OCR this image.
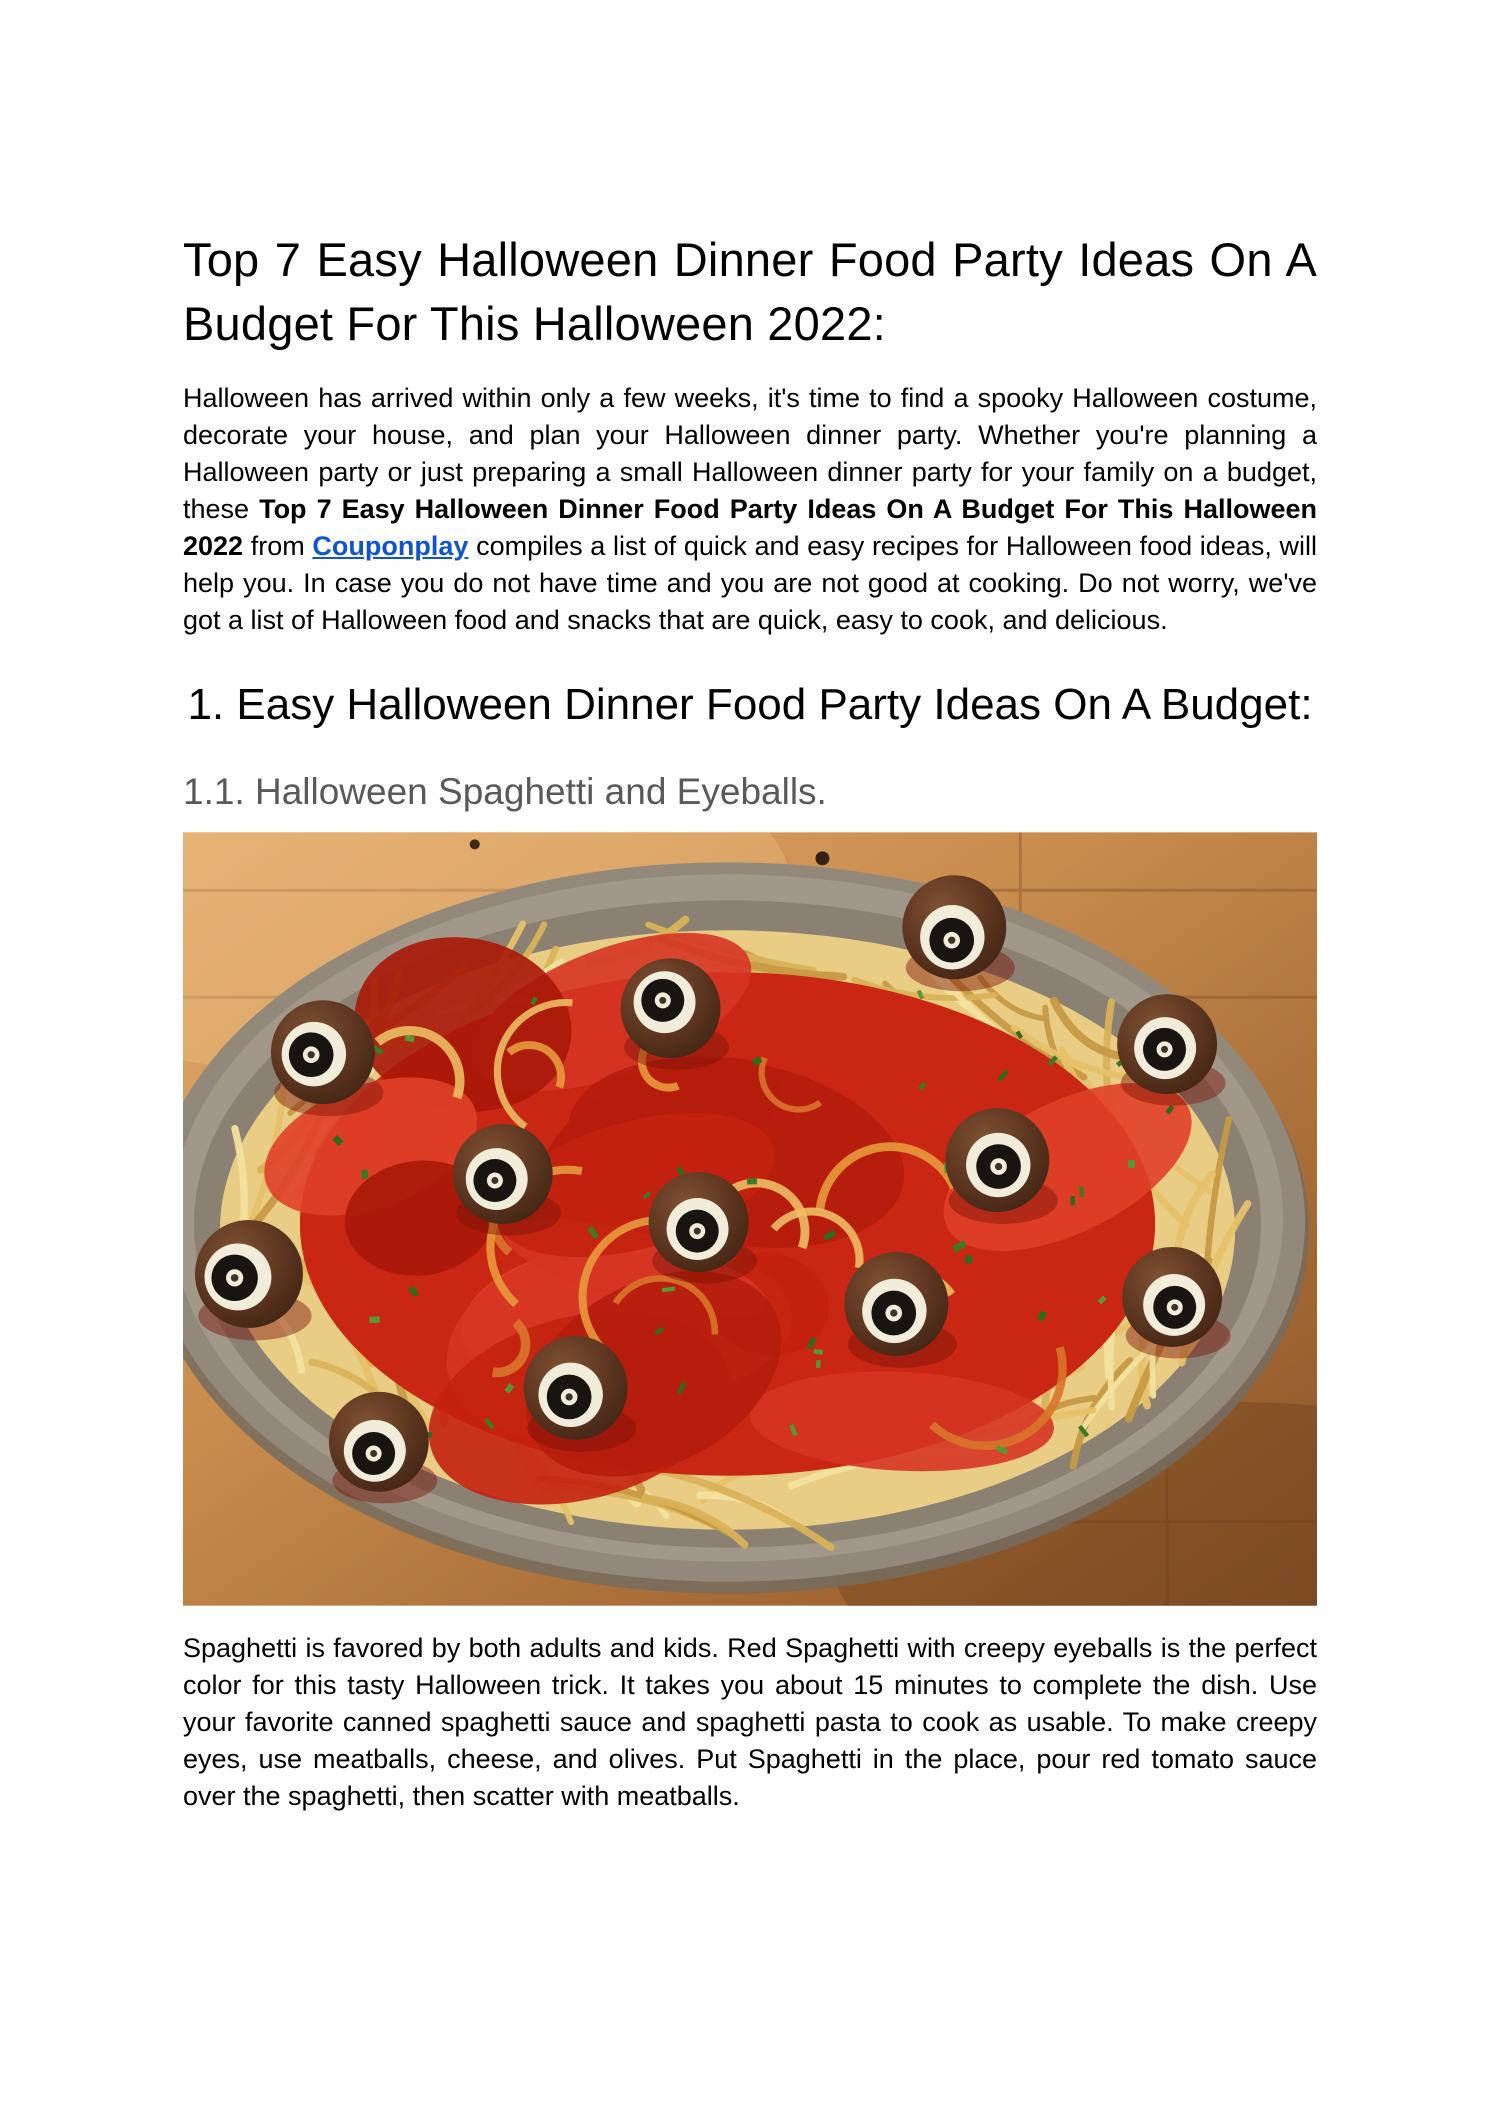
Top 7 Easy Halloween Dinner Food Party Ideas On A Budget For This Halloween 2022:

Halloween has arrived within only a few weeks, it's time to find a spooky Halloween costume, decorate your house, and plan your Halloween dinner party. Whether you're planning a Halloween party or just preparing a small Halloween dinner party for your family on a budget, these Top 7 Easy Halloween Dinner Food Party Ideas On A Budget For This Halloween 2022 from Couponplay compiles a list of quick and easy recipes for Halloween food ideas, will help you. In case you do not have time and you are not good at cooking. Do not worry, we've got a list of Halloween food and snacks that are quick, easy to cook, and delicious.

1. Easy Halloween Dinner Food Party Ideas On A Budget:
1.1. Halloween Spaghetti and Eyeballs.

Spaghetti is favored by both adults and kids. Red Spaghetti with creepy eyeballs is the perfect color for this tasty Halloween trick. It takes you about 15 minutes to complete the dish. Use your favorite canned spaghetti sauce and spaghetti pasta to cook as usable. To make creepy eyes, use meatballs, cheese, and olives. Put Spaghetti in the place, pour red tomato sauce over the spaghetti, then scatter with meatballs.
